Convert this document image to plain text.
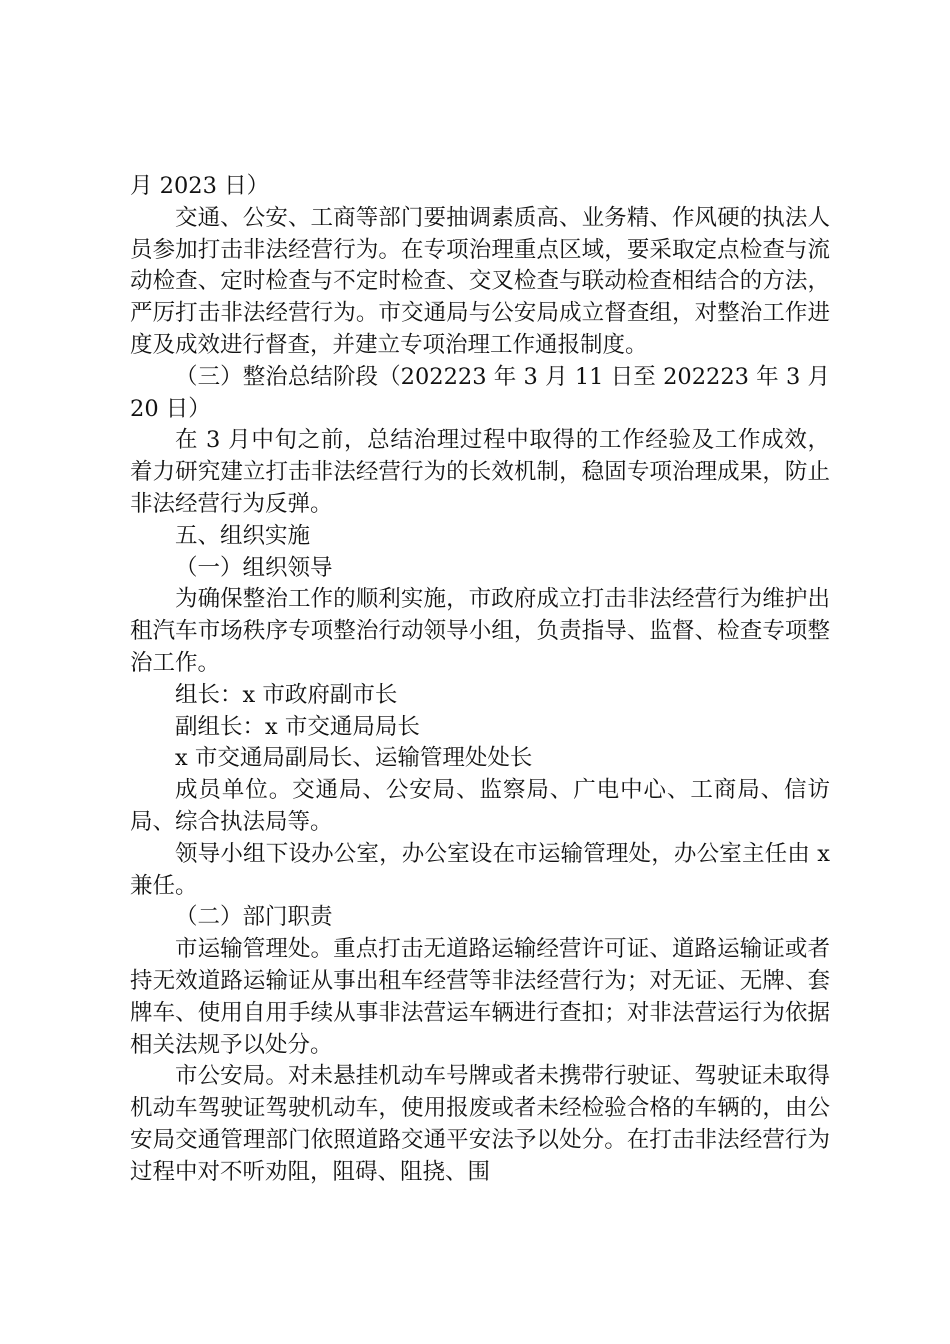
月 2023 日）

交通、公安、工商等部门要抽调素质高、业务精、作风硬的执法人员参加打击非法经营行为。在专项治理重点区域，要采取定点检查与流动检查、定时检查与不定时检查、交叉检查与联动检查相结合的方法，严厉打击非法经营行为。市交通局与公安局成立督查组，对整治工作进度及成效进行督查，并建立专项治理工作通报制度。

（三）整治总结阶段（202223 年 3 月 11 日至 202223 年 3 月 20 日）

在 3 月中旬之前，总结治理过程中取得的工作经验及工作成效，着力研究建立打击非法经营行为的长效机制，稳固专项治理成果，防止非法经营行为反弹。

五、组织实施

（一）组织领导

为确保整治工作的顺利实施，市政府成立打击非法经营行为维护出租汽车市场秩序专项整治行动领导小组，负责指导、监督、检查专项整治工作。

组长：x 市政府副市长

副组长：x 市交通局局长

x 市交通局副局长、运输管理处处长

成员单位。交通局、公安局、监察局、广电中心、工商局、信访局、综合执法局等。

领导小组下设办公室，办公室设在市运输管理处，办公室主任由 x 兼任。

（二）部门职责

市运输管理处。重点打击无道路运输经营许可证、道路运输证或者持无效道路运输证从事出租车经营等非法经营行为；对无证、无牌、套牌车、使用自用手续从事非法营运车辆进行查扣；对非法营运行为依据相关法规予以处分。

市公安局。对未悬挂机动车号牌或者未携带行驶证、驾驶证未取得机动车驾驶证驾驶机动车，使用报废或者未经检验合格的车辆的，由公安局交通管理部门依照道路交通平安法予以处分。在打击非法经营行为过程中对不听劝阻，阻碍、阻挠、围
